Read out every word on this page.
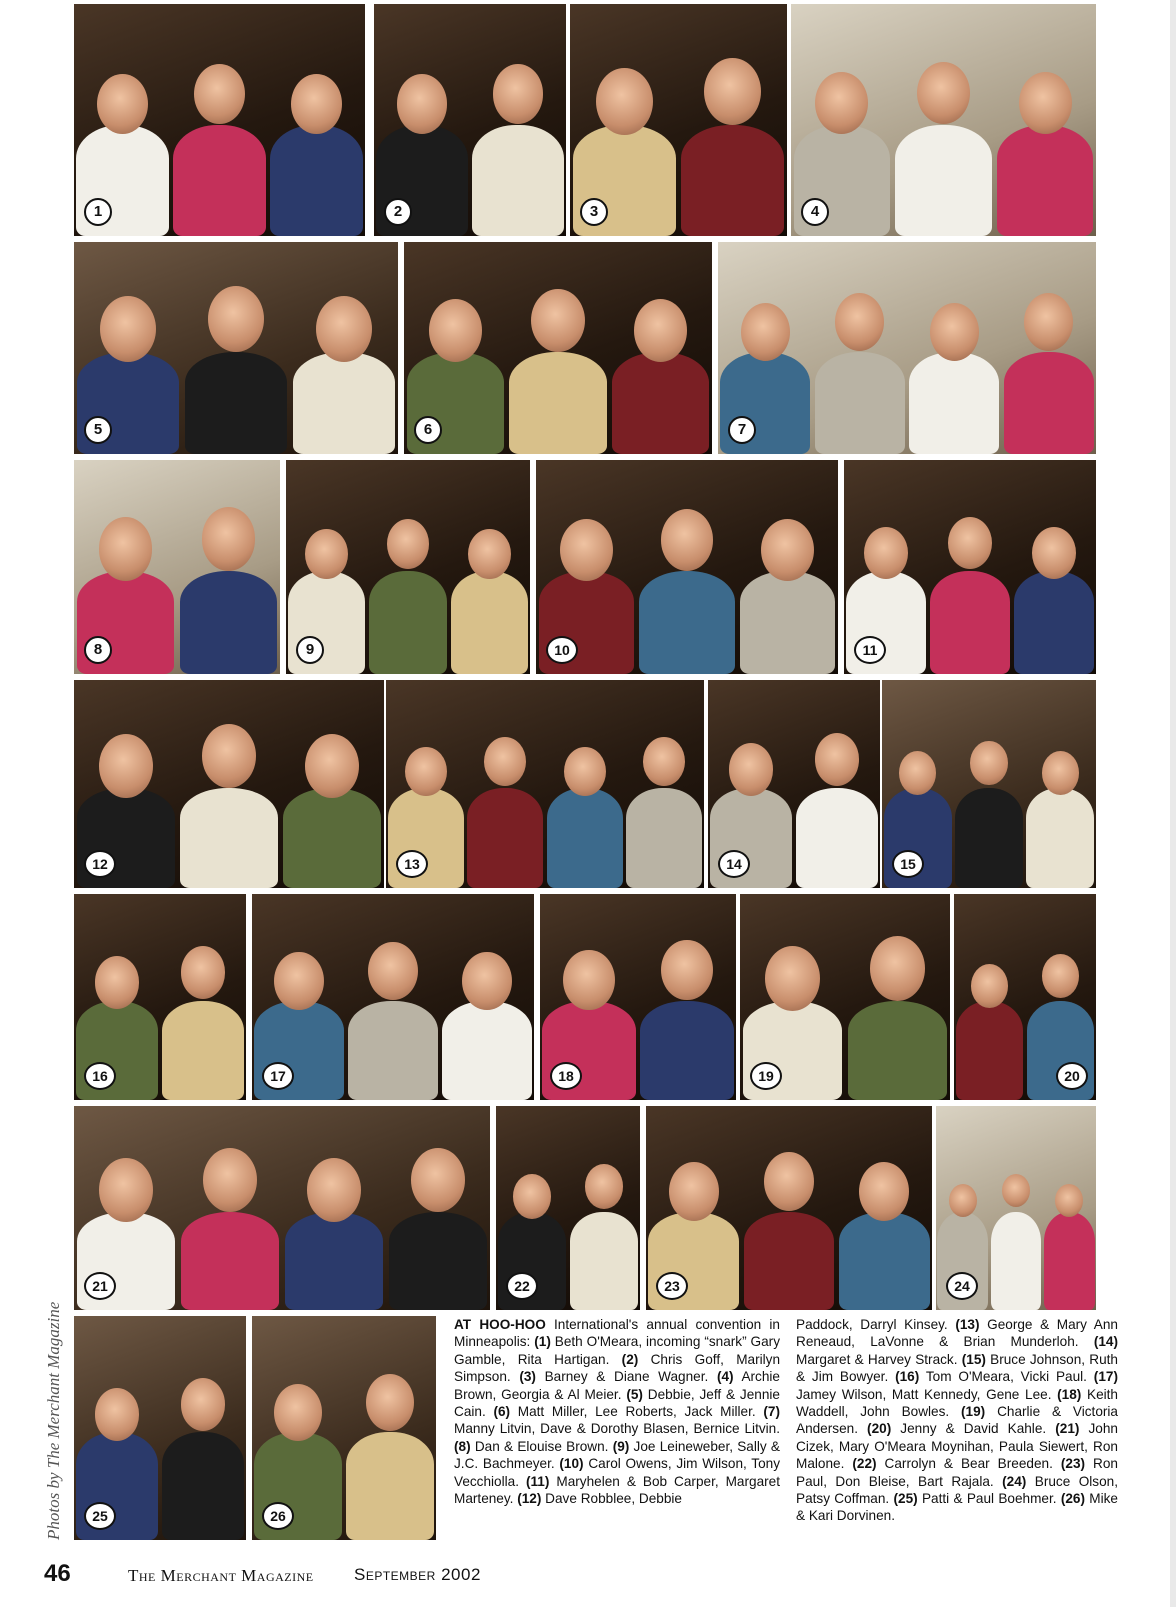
1	2	3	4
5	6	7
8	9	10	11
12	13	14	15
16	17	18	19	20
21	22	23	24
25	26
Photos by The Merchant Magazine	AT HOO-HOO International's annual convention in Minneapolis: (1) Beth O'Meara, incoming “snark” Gary Gamble, Rita Hartigan. (2) Chris Goff, Marilyn Simpson. (3) Barney & Diane Wagner. (4) Archie Brown, Georgia & Al Meier. (5) Debbie, Jeff & Jennie Cain. (6) Matt Miller, Lee Roberts, Jack Miller. (7) Manny Litvin, Dave & Dorothy Blasen, Bernice Litvin. (8) Dan & Elouise Brown. (9) Joe Leineweber, Sally & J.C. Bachmeyer. (10) Carol Owens, Jim Wilson, Tony Vecchiolla. (11) Maryhelen & Bob Carper, Margaret Marteney. (12) Dave Robblee, Debbie
Paddock, Darryl Kinsey. (13) George & Mary Ann Reneaud, LaVonne & Brian Munderloh. (14) Margaret & Harvey Strack. (15) Bruce Johnson, Ruth & Jim Bowyer. (16) Tom O'Meara, Vicki Paul. (17) Jamey Wilson, Matt Kennedy, Gene Lee. (18) Keith Waddell, John Bowles. (19) Charlie & Victoria Andersen. (20) Jenny & David Kahle. (21) John Cizek, Mary O'Meara Moynihan, Paula Siewert, Ron Malone. (22) Carrolyn & Bear Breeden. (23) Ron Paul, Don Bleise, Bart Rajala. (24) Bruce Olson, Patsy Coffman. (25) Patti & Paul Boehmer. (26) Mike & Kari Dorvinen.
46	The Merchant Magazine September 2002
